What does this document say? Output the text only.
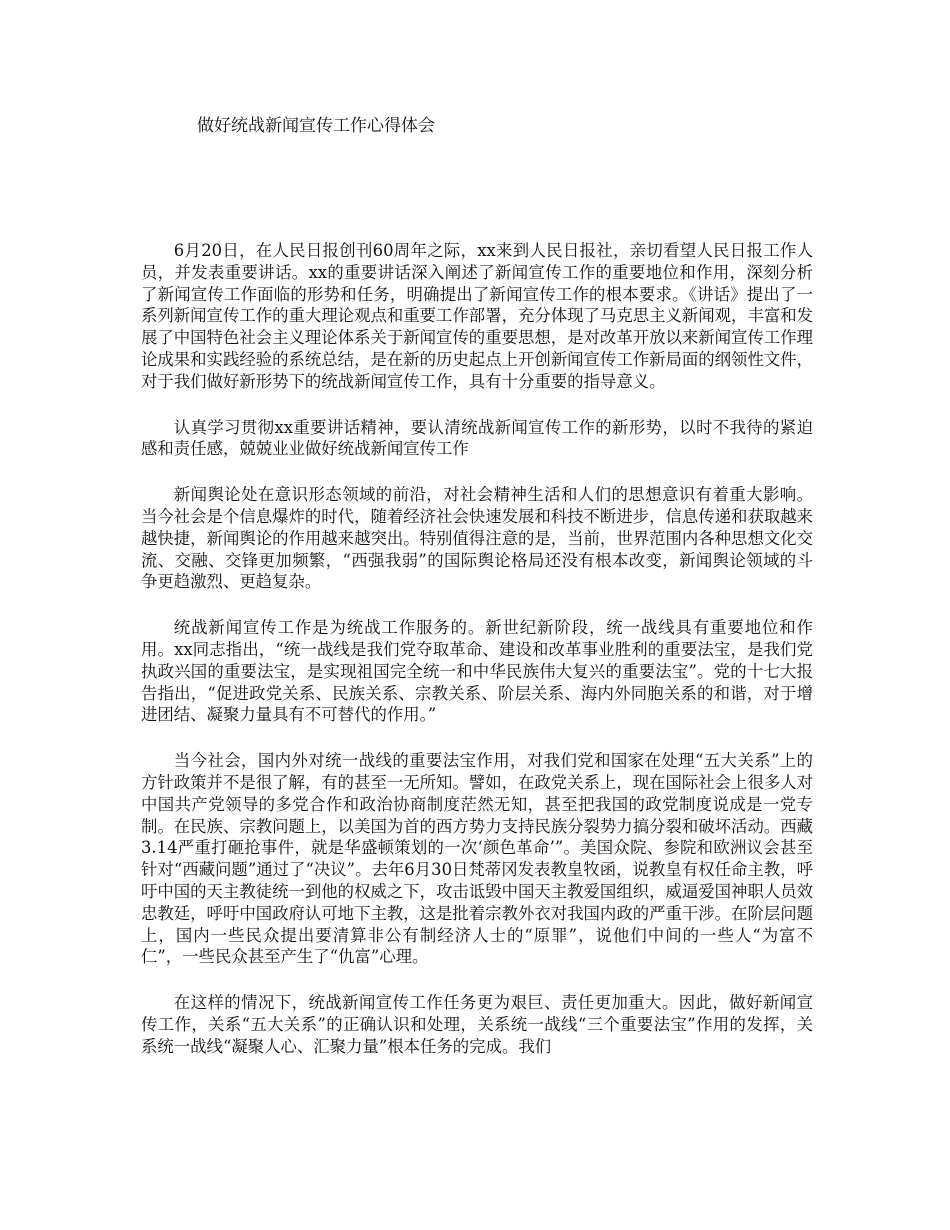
做好统战新闻宣传工作心得体会

6月20日，在人民日报创刊60周年之际，xx来到人民日报社，亲切看望人民日报工作人员，并发表重要讲话。xx的重要讲话深入阐述了新闻宣传工作的重要地位和作用，深刻分析了新闻宣传工作面临的形势和任务，明确提出了新闻宣传工作的根本要求。《讲话》提出了一系列新闻宣传工作的重大理论观点和重要工作部署，充分体现了马克思主义新闻观，丰富和发展了中国特色社会主义理论体系关于新闻宣传的重要思想，是对改革开放以来新闻宣传工作理论成果和实践经验的系统总结，是在新的历史起点上开创新闻宣传工作新局面的纲领性文件，对于我们做好新形势下的统战新闻宣传工作，具有十分重要的指导意义。

认真学习贯彻xx重要讲话精神，要认清统战新闻宣传工作的新形势，以时不我待的紧迫感和责任感，兢兢业业做好统战新闻宣传工作

新闻舆论处在意识形态领域的前沿，对社会精神生活和人们的思想意识有着重大影响。当今社会是个信息爆炸的时代，随着经济社会快速发展和科技不断进步，信息传递和获取越来越快捷，新闻舆论的作用越来越突出。特别值得注意的是，当前，世界范围内各种思想文化交流、交融、交锋更加频繁，“西强我弱”的国际舆论格局还没有根本改变，新闻舆论领域的斗争更趋激烈、更趋复杂。

统战新闻宣传工作是为统战工作服务的。新世纪新阶段，统一战线具有重要地位和作用。xx同志指出，“统一战线是我们党夺取革命、建设和改革事业胜利的重要法宝，是我们党执政兴国的重要法宝，是实现祖国完全统一和中华民族伟大复兴的重要法宝”。党的十七大报告指出，“促进政党关系、民族关系、宗教关系、阶层关系、海内外同胞关系的和谐，对于增进团结、凝聚力量具有不可替代的作用。”

当今社会，国内外对统一战线的重要法宝作用，对我们党和国家在处理“五大关系”上的方针政策并不是很了解，有的甚至一无所知。譬如，在政党关系上，现在国际社会上很多人对中国共产党领导的多党合作和政治协商制度茫然无知，甚至把我国的政党制度说成是一党专制。在民族、宗教问题上，以美国为首的西方势力支持民族分裂势力搞分裂和破坏活动。西藏3.14严重打砸抢事件，就是华盛顿策划的一次‘颜色革命’”。美国众院、参院和欧洲议会甚至针对“西藏问题”通过了“决议”。去年6月30日梵蒂冈发表教皇牧函，说教皇有权任命主教，呼吁中国的天主教徒统一到他的权威之下，攻击诋毁中国天主教爱国组织，威逼爱国神职人员效忠教廷，呼吁中国政府认可地下主教，这是批着宗教外衣对我国内政的严重干涉。在阶层问题上，国内一些民众提出要清算非公有制经济人士的“原罪”，说他们中间的一些人“为富不仁”，一些民众甚至产生了“仇富”心理。

在这样的情况下，统战新闻宣传工作任务更为艰巨、责任更加重大。因此，做好新闻宣传工作，关系“五大关系”的正确认识和处理，关系统一战线“三个重要法宝”作用的发挥，关系统一战线“凝聚人心、汇聚力量”根本任务的完成。我们
